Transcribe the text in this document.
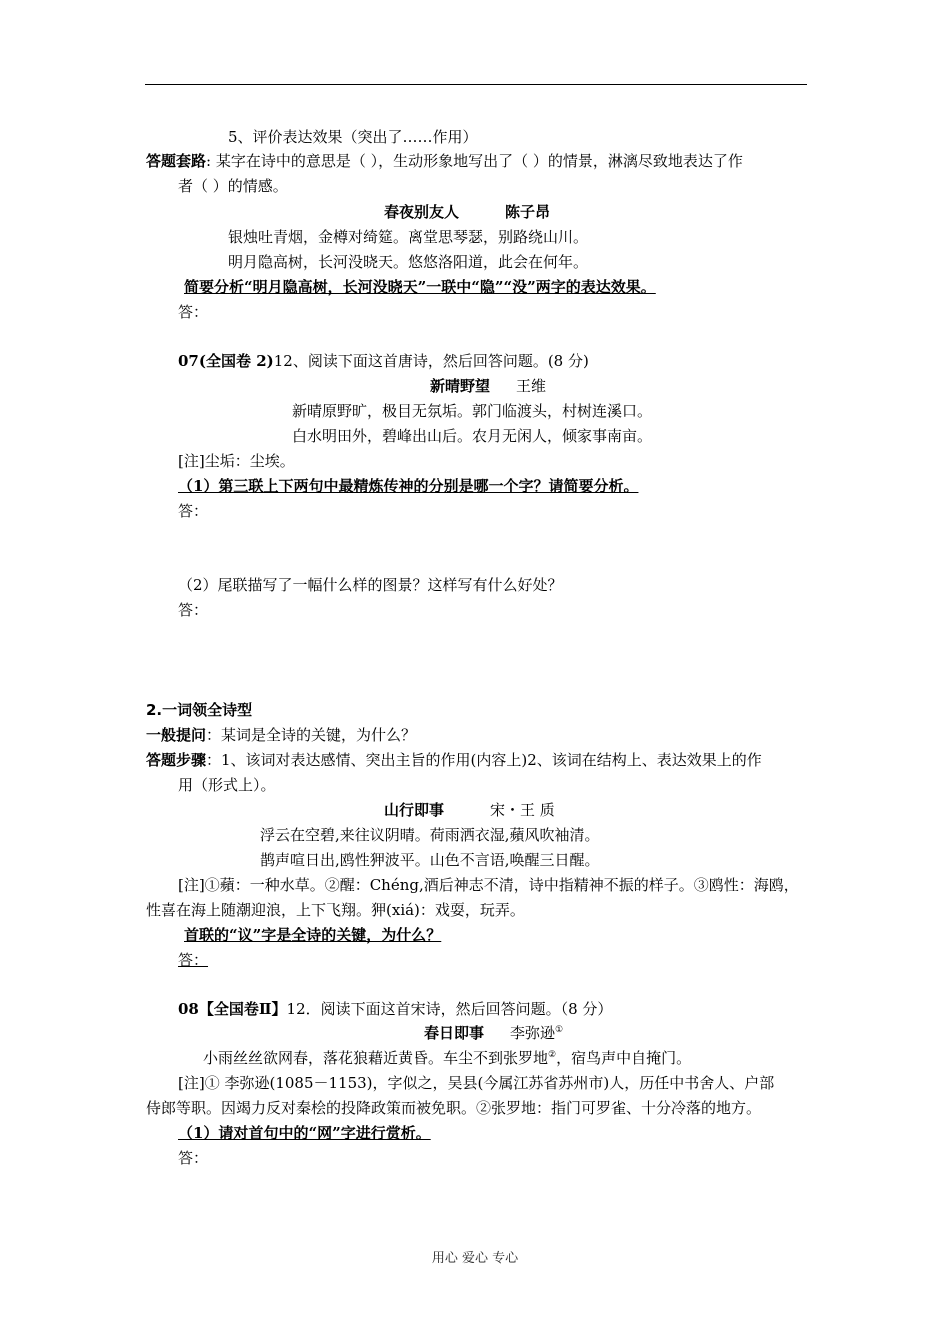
5、评价表达效果（突出了……作用）
答题套路: 某字在诗中的意思是（ ），生动形象地写出了（ ）的情景，淋漓尽致地表达了作
者（ ）的情感。
春夜别友人	陈子昂
银烛吐青烟，金樽对绮筵。离堂思琴瑟，别路绕山川。
明月隐高树，长河没晓天。悠悠洛阳道，此会在何年。
简要分析“明月隐高树，长河没晓天”一联中“隐”“没”两字的表达效果。
答：
07(全国卷 2)12、阅读下面这首唐诗，然后回答问题。(8 分)
新晴野望 王维
新晴原野旷，极目无氛垢。郭门临渡头，村树连溪口。
白水明田外，碧峰出山后。农月无闲人，倾家事南亩。
[注]尘垢：尘埃。
（1）第三联上下两句中最精炼传神的分别是哪一个字？请简要分析。
答：
（2）尾联描写了一幅什么样的图景？这样写有什么好处？
答：
2.一词领全诗型
一般提问：某词是全诗的关键，为什么？
答题步骤：1、该词对表达感情、突出主旨的作用(内容上)2、该词在结构上、表达效果上的作
用（形式上）。
山行即事	宋・王 质
浮云在空碧,来往议阴晴。荷雨洒衣湿,蘋风吹袖清。
鹊声喧日出,鸥性狎波平。山色不言语,唤醒三日醒。
[注]①蘋：一种水草。②醒：Chéng,酒后神志不清，诗中指精神不振的样子。③鸥性：海鸥，
性喜在海上随潮迎浪，上下飞翔。狎(xiá)：戏耍，玩弄。
首联的“议”字是全诗的关键，为什么？
答：
08【全国卷Ⅱ】12．阅读下面这首宋诗，然后回答问题。（8 分）
春日即事 李弥逊①
小雨丝丝欲网春，落花狼藉近黄昏。车尘不到张罗地②，宿鸟声中自掩门。
[注]① 李弥逊(1085－1153)，字似之，吴县(今属江苏省苏州市)人，历任中书舍人、户部
侍郎等职。因竭力反对秦桧的投降政策而被免职。②张罗地：指门可罗雀、十分冷落的地方。
（1）请对首句中的“网”字进行赏析。
答：
用心 爱心 专心
